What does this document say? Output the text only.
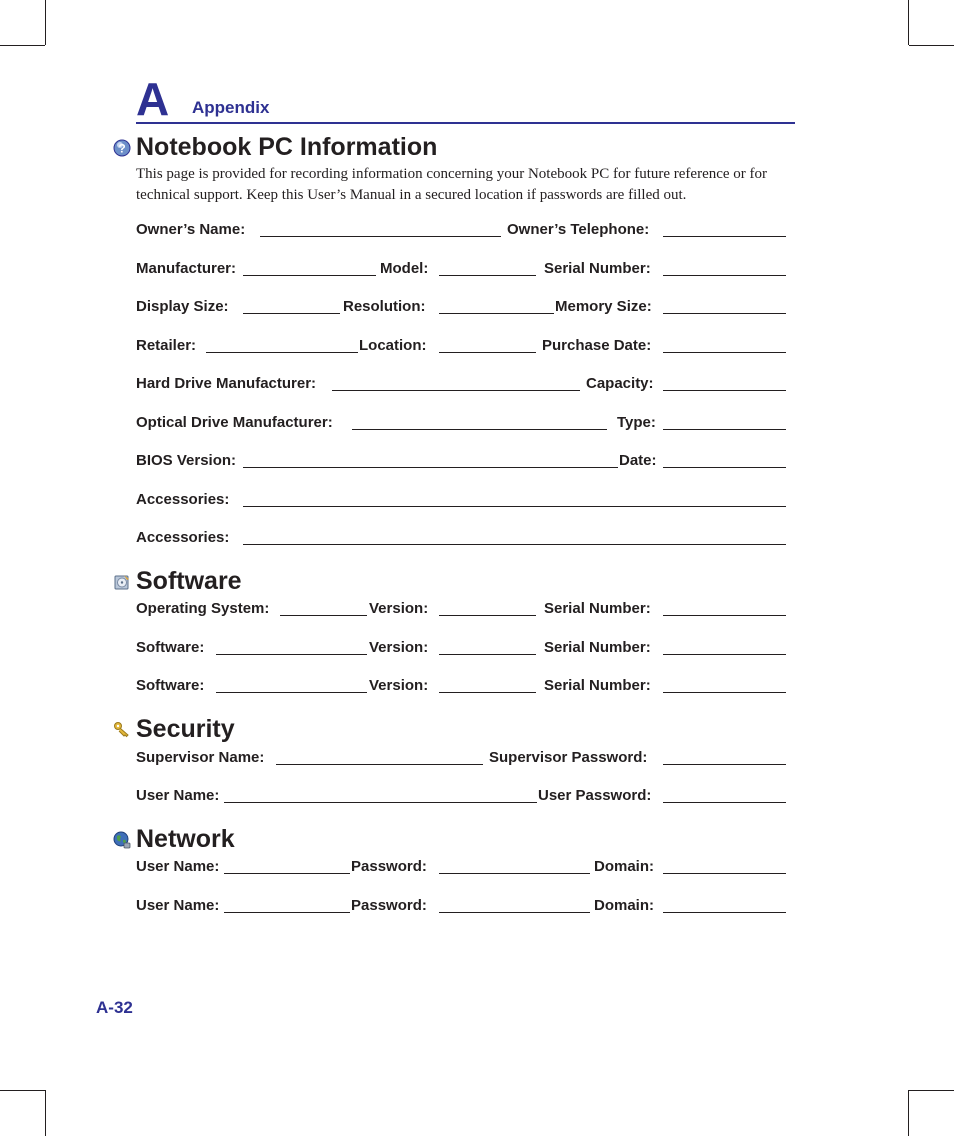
A Appendix
? Notebook PC Information
This page is provided for recording information concerning your Notebook PC for future reference or for technical support. Keep this User’s Manual in a secured location if passwords are filled out.
Owner’s Name:	Owner’s Telephone:
Manufacturer:	Model:	Serial Number:
Display Size:	Resolution:	Memory Size:
Retailer:	Location:	Purchase Date:
Hard Drive Manufacturer:	Capacity:
Optical Drive Manufacturer:	Type:
BIOS Version:	Date:
Accessories:
Accessories:
Software
Operating System:	Version:	Serial Number:
Software:	Version:	Serial Number:
Software:	Version:	Serial Number:
Security
Supervisor Name:	Supervisor Password:
User Name:	User Password:
Network
User Name:	Password:	Domain:
User Name:	Password:	Domain:
A-32
